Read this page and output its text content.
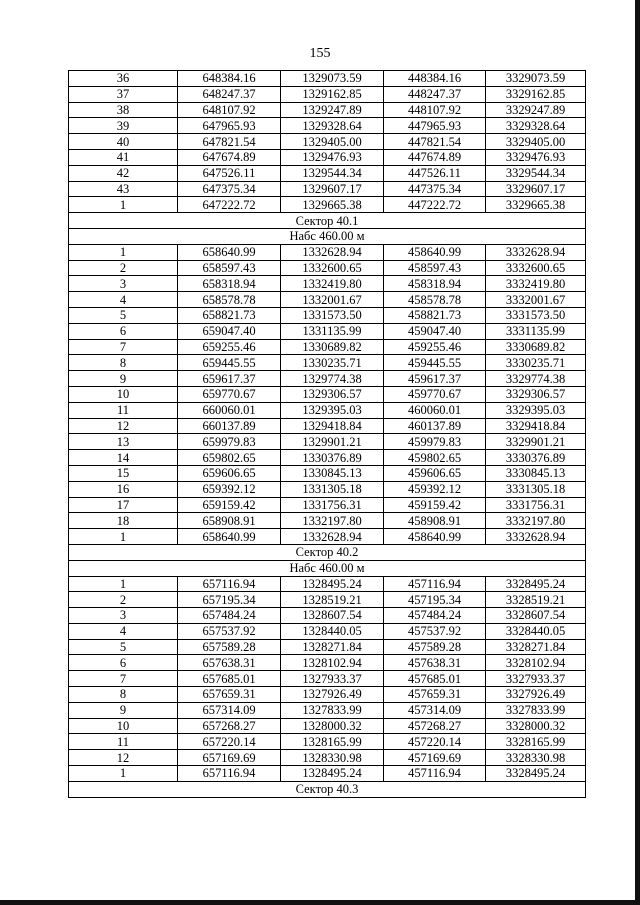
155
36	648384.16	1329073.59	448384.16	3329073.59
37	648247.37	1329162.85	448247.37	3329162.85
38	648107.92	1329247.89	448107.92	3329247.89
39	647965.93	1329328.64	447965.93	3329328.64
40	647821.54	1329405.00	447821.54	3329405.00
41	647674.89	1329476.93	447674.89	3329476.93
42	647526.11	1329544.34	447526.11	3329544.34
43	647375.34	1329607.17	447375.34	3329607.17
1	647222.72	1329665.38	447222.72	3329665.38
Сектор 40.1				
Набс 460.00 м				
1	658640.99	1332628.94	458640.99	3332628.94
2	658597.43	1332600.65	458597.43	3332600.65
3	658318.94	1332419.80	458318.94	3332419.80
4	658578.78	1332001.67	458578.78	3332001.67
5	658821.73	1331573.50	458821.73	3331573.50
6	659047.40	1331135.99	459047.40	3331135.99
7	659255.46	1330689.82	459255.46	3330689.82
8	659445.55	1330235.71	459445.55	3330235.71
9	659617.37	1329774.38	459617.37	3329774.38
10	659770.67	1329306.57	459770.67	3329306.57
11	660060.01	1329395.03	460060.01	3329395.03
12	660137.89	1329418.84	460137.89	3329418.84
13	659979.83	1329901.21	459979.83	3329901.21
14	659802.65	1330376.89	459802.65	3330376.89
15	659606.65	1330845.13	459606.65	3330845.13
16	659392.12	1331305.18	459392.12	3331305.18
17	659159.42	1331756.31	459159.42	3331756.31
18	658908.91	1332197.80	458908.91	3332197.80
1	658640.99	1332628.94	458640.99	3332628.94
Сектор 40.2				
Набс 460.00 м				
1	657116.94	1328495.24	457116.94	3328495.24
2	657195.34	1328519.21	457195.34	3328519.21
3	657484.24	1328607.54	457484.24	3328607.54
4	657537.92	1328440.05	457537.92	3328440.05
5	657589.28	1328271.84	457589.28	3328271.84
6	657638.31	1328102.94	457638.31	3328102.94
7	657685.01	1327933.37	457685.01	3327933.37
8	657659.31	1327926.49	457659.31	3327926.49
9	657314.09	1327833.99	457314.09	3327833.99
10	657268.27	1328000.32	457268.27	3328000.32
11	657220.14	1328165.99	457220.14	3328165.99
12	657169.69	1328330.98	457169.69	3328330.98
1	657116.94	1328495.24	457116.94	3328495.24
Сектор 40.3				
